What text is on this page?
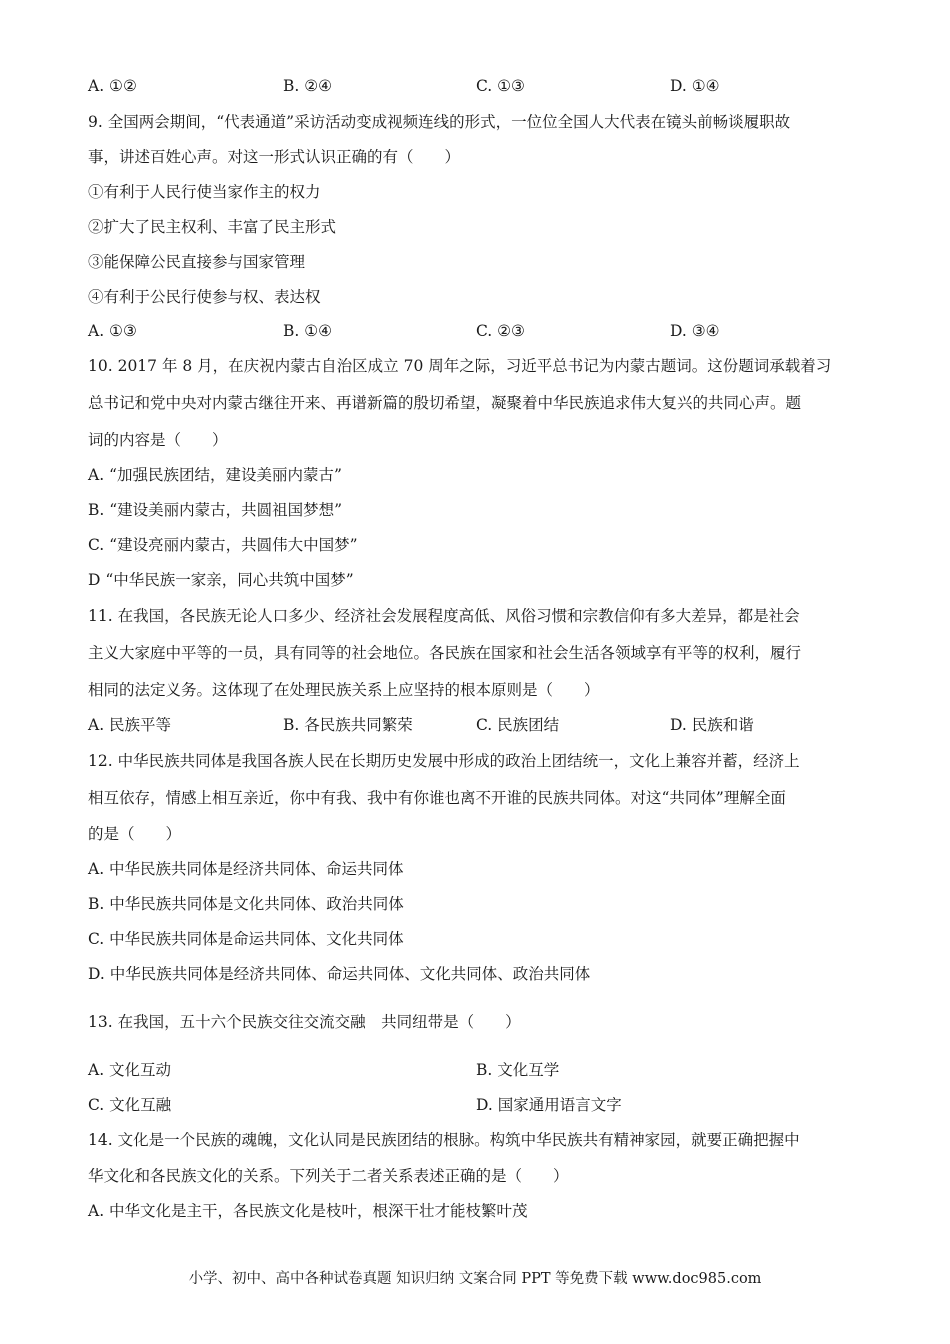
A. ①②	B. ②④	C. ①③	D. ①④
9. 全国两会期间，“代表通道”采访活动变成视频连线的形式，一位位全国人大代表在镜头前畅谈履职故
事，讲述百姓心声。对这一形式认识正确的有（　　）
①有利于人民行使当家作主的权力
②扩大了民主权利、丰富了民主形式
③能保障公民直接参与国家管理
④有利于公民行使参与权、表达权
A. ①③	B. ①④	C. ②③	D. ③④
10. 2017 年 8 月，在庆祝内蒙古自治区成立 70 周年之际，习近平总书记为内蒙古题词。这份题词承载着习
总书记和党中央对内蒙古继往开来、再谱新篇的殷切希望，凝聚着中华民族追求伟大复兴的共同心声。题
词的内容是（　　）
A. “加强民族团结，建设美丽内蒙古”
B. “建设美丽内蒙古，共圆祖国梦想”
C. “建设亮丽内蒙古，共圆伟大中国梦”
D “中华民族一家亲，同心共筑中国梦”
11. 在我国，各民族无论人口多少、经济社会发展程度高低、风俗习惯和宗教信仰有多大差异，都是社会
主义大家庭中平等的一员，具有同等的社会地位。各民族在国家和社会生活各领域享有平等的权利，履行
相同的法定义务。这体现了在处理民族关系上应坚持的根本原则是（　　）
A. 民族平等	B. 各民族共同繁荣	C. 民族团结	D. 民族和谐
12. 中华民族共同体是我国各族人民在长期历史发展中形成的政治上团结统一，文化上兼容并蓄，经济上
相互依存，情感上相互亲近，你中有我、我中有你谁也离不开谁的民族共同体。对这“共同体”理解全面
的是（　　）
A. 中华民族共同体是经济共同体、命运共同体
B. 中华民族共同体是文化共同体、政治共同体
C. 中华民族共同体是命运共同体、文化共同体
D. 中华民族共同体是经济共同体、命运共同体、文化共同体、政治共同体
13. 在我国，五十六个民族交往交流交融　共同纽带是（　　）
A. 文化互动	B. 文化互学
C. 文化互融	D. 国家通用语言文字
14. 文化是一个民族的魂魄，文化认同是民族团结的根脉。构筑中华民族共有精神家园，就要正确把握中
华文化和各民族文化的关系。下列关于二者关系表述正确的是（　　）
A. 中华文化是主干，各民族文化是枝叶，根深干壮才能枝繁叶茂
小学、初中、高中各种试卷真题 知识归纳 文案合同 PPT 等免费下载 www.doc985.com
